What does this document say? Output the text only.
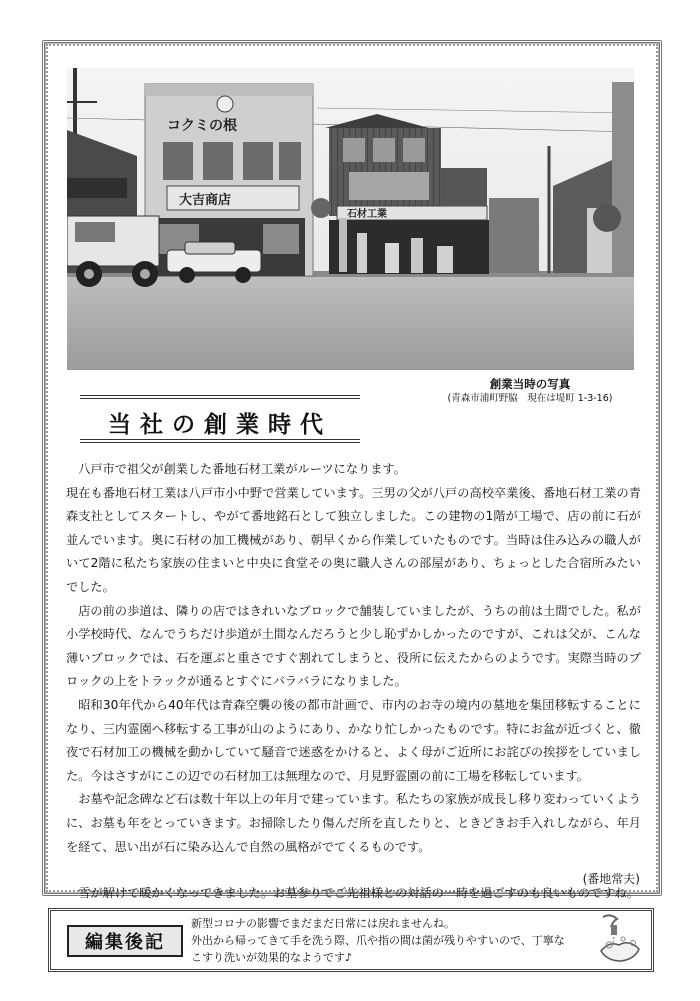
コクミの根
大吉商店
石材工業
創業当時の写真
(青森市浦町野脇　現在は堤町 1-3-16)
当社の創業時代

八戸市で祖父が創業した番地石材工業がルーツになります。

現在も番地石材工業は八戸市小中野で営業しています。三男の父が八戸の高校卒業後、番地石材工業の青森支社としてスタートし、やがて番地銘石として独立しました。この建物の1階が工場で、店の前に石が並んでいます。奥に石材の加工機械があり、朝早くから作業していたものです。当時は住み込みの職人がいて2階に私たち家族の住まいと中央に食堂その奥に職人さんの部屋があり、ちょっとした合宿所みたいでした。

店の前の歩道は、隣りの店ではきれいなブロックで舗装していましたが、うちの前は土間でした。私が小学校時代、なんでうちだけ歩道が土間なんだろうと少し恥ずかしかったのですが、これは父が、こんな薄いブロックでは、石を運ぶと重さですぐ割れてしまうと、役所に伝えたからのようです。実際当時のブロックの上をトラックが通るとすぐにバラバラになりました。

昭和30年代から40年代は青森空襲の後の都市計画で、市内のお寺の境内の墓地を集団移転することになり、三内霊園へ移転する工事が山のようにあり、かなり忙しかったものです。特にお盆が近づくと、徹夜で石材加工の機械を動かしていて騒音で迷惑をかけると、よく母がご近所にお詫びの挨拶をしていました。今はさすがにこの辺での石材加工は無理なので、月見野霊園の前に工場を移転しています。

お墓や記念碑など石は数十年以上の年月で建っています。私たちの家族が成長し移り変わっていくように、お墓も年をとっていきます。お掃除したり傷んだ所を直したりと、ときどきお手入れしながら、年月を経て、思い出が石に染み込んで自然の風格がでてくるものです。

雪が解けて暖かくなってきました。お墓参りでご先祖様との対話の一時を過ごすのも良いものですね。

(番地常夫)
編集後記
新型コロナの影響でまだまだ日常には戻れませんね。
外出から帰ってきて手を洗う際、爪や指の間は菌が残りやすいので、丁寧な
こすり洗いが効果的なようです♪
